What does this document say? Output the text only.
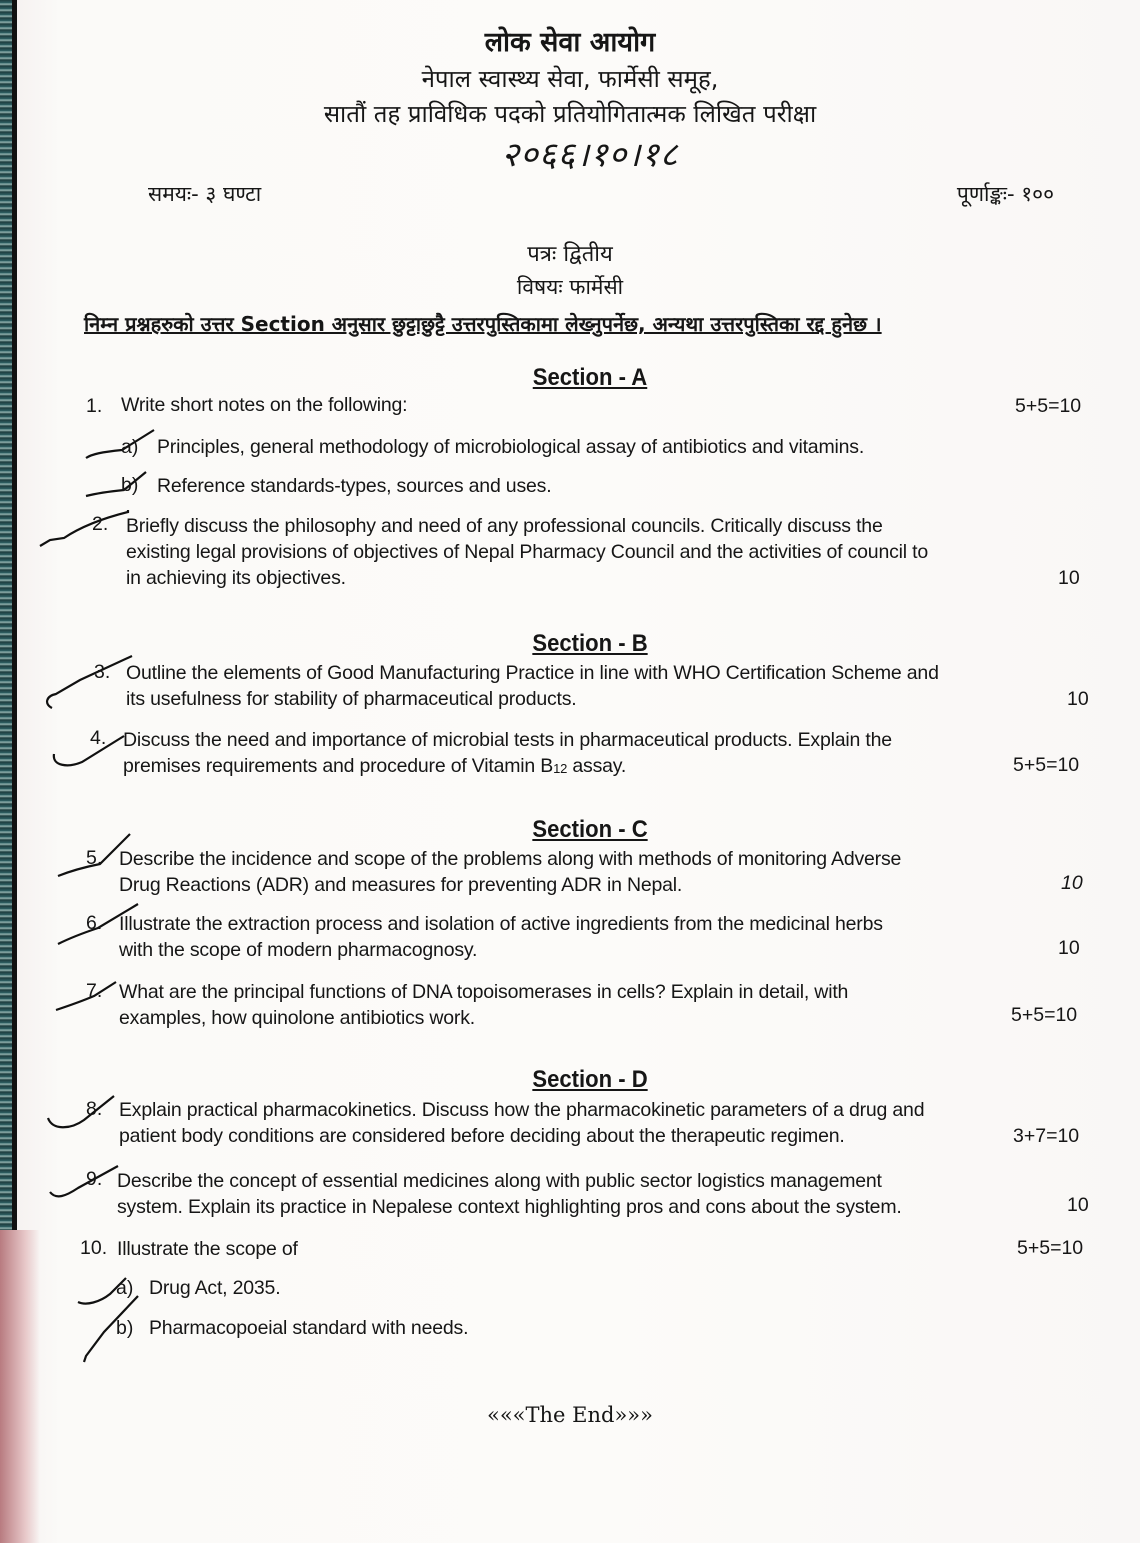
लोक सेवा आयोग
नेपाल स्वास्थ्य सेवा, फार्मेसी समूह,
सातौं तह प्राविधिक पदको प्रतियोगितात्मक लिखित परीक्षा
२०६६।१०।१८
समयः- ३ घण्टा	पूर्णाङ्कः- १००
पत्रः द्वितीय
विषयः फार्मेसी
निम्न प्रश्नहरुको उत्तर Section अनुसार छुट्टाछुट्टै उत्तरपुस्तिकामा लेख्नुपर्नेछ, अन्यथा उत्तरपुस्तिका रद्द हुनेछ ।
Section - A
1. Write short notes on the following:	5+5=10
a) Principles, general methodology of microbiological assay of antibiotics and vitamins.
b) Reference standards-types, sources and uses.
2. Briefly discuss the philosophy and need of any professional councils. Critically discuss the
existing legal provisions of objectives of Nepal Pharmacy Council and the activities of council to
in achieving its objectives.	10
Section - B
3. Outline the elements of Good Manufacturing Practice in line with WHO Certification Scheme and
its usefulness for stability of pharmaceutical products.	10
4. Discuss the need and importance of microbial tests in pharmaceutical products. Explain the
premises requirements and procedure of Vitamin $B_{12}$ assay.	5+5=10
Section - C
5. Describe the incidence and scope of the problems along with methods of monitoring Adverse
Drug Reactions (ADR) and measures for preventing ADR in Nepal.	10
6. Illustrate the extraction process and isolation of active ingredients from the medicinal herbs
with the scope of modern pharmacognosy.	10
7. What are the principal functions of DNA topoisomerases in cells? Explain in detail, with
examples, how quinolone antibiotics work.	5+5=10
Section - D
8. Explain practical pharmacokinetics. Discuss how the pharmacokinetic parameters of a drug and
patient body conditions are considered before deciding about the therapeutic regimen.	3+7=10
9. Describe the concept of essential medicines along with public sector logistics management
system. Explain its practice in Nepalese context highlighting pros and cons about the system.	10
10. Illustrate the scope of	5+5=10
a) Drug Act, 2035.
b) Pharmacopoeial standard with needs.
«««The End»»»
